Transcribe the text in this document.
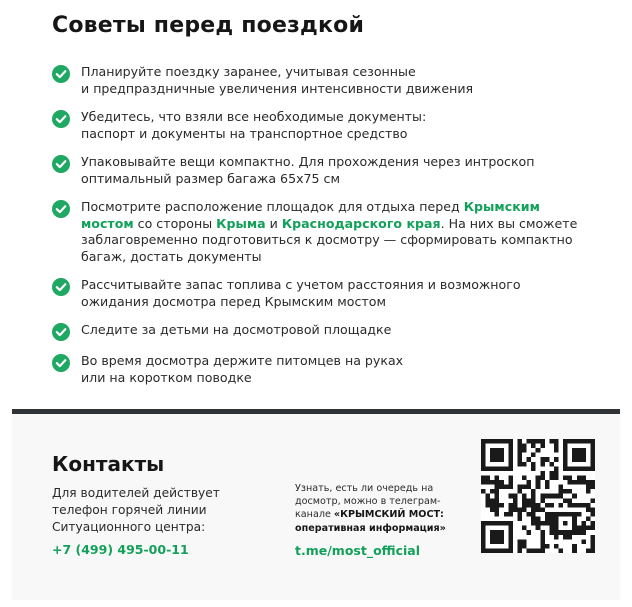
Советы перед поездкой
Планируйте поездку заранее, учитывая сезонные
и предпраздничные увеличения интенсивности движения
Убедитесь, что взяли все необходимые документы:
паспорт и документы на транспортное средство
Упаковывайте вещи компактно. Для прохождения через интроскоп
оптимальный размер багажа 65х75 см
Посмотрите расположение площадок для отдыха перед Крымским мостом со стороны Крыма и Краснодарского края. На них вы сможете заблаговременно подготовиться к досмотру — сформировать компактно багаж, достать документы
Рассчитывайте запас топлива с учетом расстояния и возможного
ожидания досмотра перед Крымским мостом
Следите за детьми на досмотровой площадке
Во время досмотра держите питомцев на руках
или на коротком поводке
Контакты
Для водителей действует
телефон горячей линии
Ситуационного центра:
+7 (499) 495-00-11
Узнать, есть ли очередь на
досмотр, можно в телеграм-
канале «КРЫМСКИЙ МОСТ:
оперативная информация»
t.me/most_official
